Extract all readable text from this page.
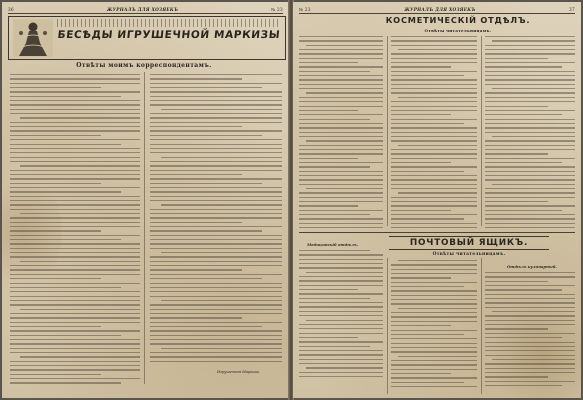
36	ЖУРНАЛЪ ДЛЯ ХОЗЯЕКЪ	№ 23
БЕСѢДЫ ИГРУШЕЧНОЙ МАРКИЗЫ
Отвѣты моимъ корреспондентамъ.
Игрушечная Маркиза.
№ 23	ЖУРНАЛЪ ДЛЯ ХОЗЯЕКЪ	37
КОСМЕТИЧЕСКІЙ ОТДѢЛЪ.
Отвѣты читательницамъ.
Медицинскій отдѣлъ.	ПОЧТОВЫЙ ЯЩИКЪ.
Отвѣты читательницамъ.
Отдѣлъ кулинарный.
